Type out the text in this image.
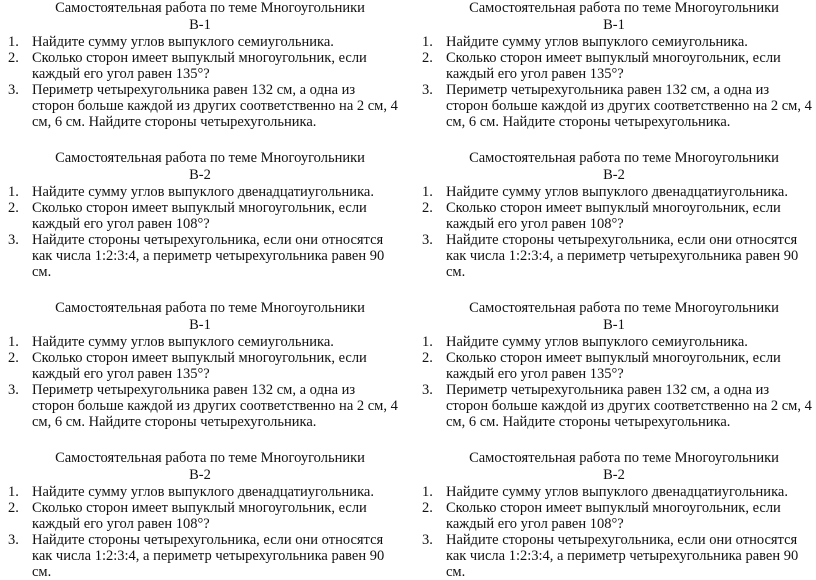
Самостоятельная работа по теме Многоугольники
В-1
1. Найдите сумму углов выпуклого семиугольника.
2. Сколько сторон имеет выпуклый многоугольник, если каждый его угол равен 135°?
3. Периметр четырехугольника равен 132 см, а одна из сторон больше каждой из других соответственно на 2 см, 4 см, 6 см. Найдите стороны четырехугольника.
Самостоятельная работа по теме Многоугольники
В-2
1. Найдите сумму углов выпуклого двенадцатиугольника.
2. Сколько сторон имеет выпуклый многоугольник, если каждый его угол равен 108°?
3. Найдите стороны четырехугольника, если они относятся как числа 1:2:3:4, а периметр четырехугольника равен 90 см.
Самостоятельная работа по теме Многоугольники
В-1
1. Найдите сумму углов выпуклого семиугольника.
2. Сколько сторон имеет выпуклый многоугольник, если каждый его угол равен 135°?
3. Периметр четырехугольника равен 132 см, а одна из сторон больше каждой из других соответственно на 2 см, 4 см, 6 см. Найдите стороны четырехугольника.
Самостоятельная работа по теме Многоугольники
В-2
1. Найдите сумму углов выпуклого двенадцатиугольника.
2. Сколько сторон имеет выпуклый многоугольник, если каждый его угол равен 108°?
3. Найдите стороны четырехугольника, если они относятся как числа 1:2:3:4, а периметр четырехугольника равен 90 см.
Самостоятельная работа по теме Многоугольники
В-1
1. Найдите сумму углов выпуклого семиугольника.
2. Сколько сторон имеет выпуклый многоугольник, если каждый его угол равен 135°?
3. Периметр четырехугольника равен 132 см, а одна из сторон больше каждой из других соответственно на 2 см, 4 см, 6 см. Найдите стороны четырехугольника.
Самостоятельная работа по теме Многоугольники
В-2
1. Найдите сумму углов выпуклого двенадцатиугольника.
2. Сколько сторон имеет выпуклый многоугольник, если каждый его угол равен 108°?
3. Найдите стороны четырехугольника, если они относятся как числа 1:2:3:4, а периметр четырехугольника равен 90 см.
Самостоятельная работа по теме Многоугольники
В-1
1. Найдите сумму углов выпуклого семиугольника.
2. Сколько сторон имеет выпуклый многоугольник, если каждый его угол равен 135°?
3. Периметр четырехугольника равен 132 см, а одна из сторон больше каждой из других соответственно на 2 см, 4 см, 6 см. Найдите стороны четырехугольника.
Самостоятельная работа по теме Многоугольники
В-2
1. Найдите сумму углов выпуклого двенадцатиугольника.
2. Сколько сторон имеет выпуклый многоугольник, если каждый его угол равен 108°?
3. Найдите стороны четырехугольника, если они относятся как числа 1:2:3:4, а периметр четырехугольника равен 90 см.
